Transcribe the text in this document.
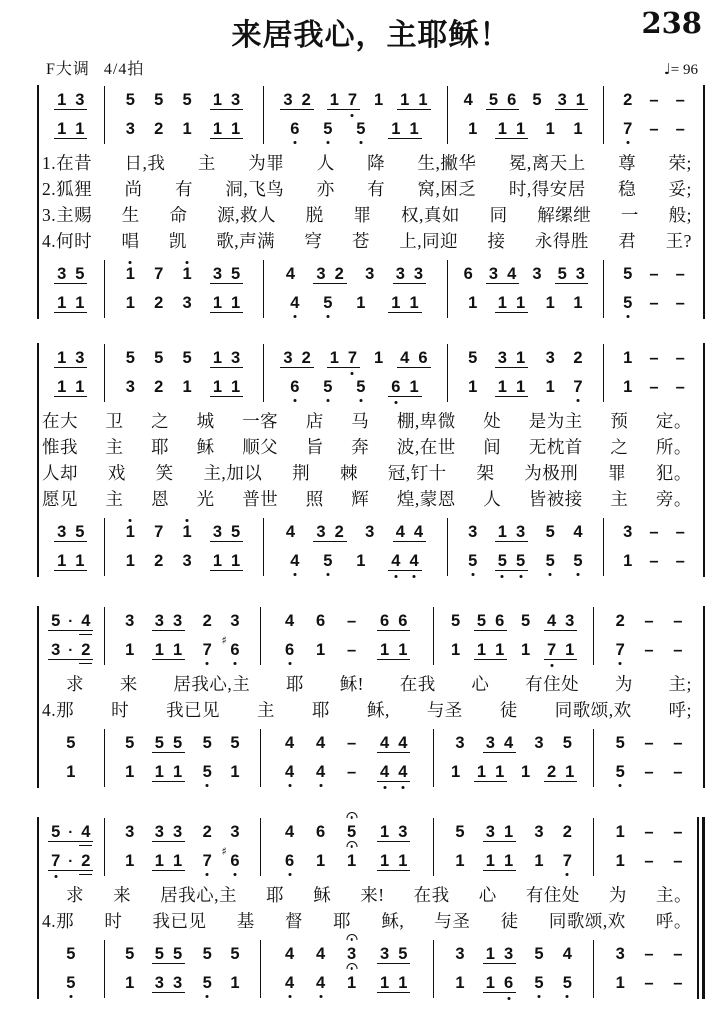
来居我心，主耶稣！	238
F大调 4/4拍	♩= 96
1 3
1 1
5 5 5 1 3
3 2 1 1 1
3 2 1 7 1 1 1
6 5 5 1 1
4 5 6 5 3 1
1 1 1 1 1
2 – –
7 – –
1.在昔 日,我 主 为罪 人 降 生,撇华 冕,离天上 尊 荣;
2.狐狸 尚 有 洞,飞鸟 亦 有 窝,困乏 时,得安居 稳 妥;
3.主赐 生 命 源,救人 脱 罪 权,真如 同 解缧绁 一 般;
4.何时 唱 凯 歌,声满 穹 苍 上,同迎 接 永得胜 君 王?
3 5
1 1
1 7 1 3 5
1 2 3 1 1
4 3 2 3 3 3
4 5 1 1 1
6 3 4 3 5 3
1 1 1 1 1
5 – –
5 – –
1 3
1 1
5 5 5 1 3
3 2 1 1 1
3 2 1 7 1 4 6
6 5 5 6 1
5 3 1 3 2
1 1 1 1 7
1 – –
1 – –
在大 卫 之 城 一客 店 马 棚,卑微 处 是为主 预 定。
惟我 主 耶 稣 顺父 旨 奔 波,在世 间 无枕首 之 所。
人却 戏 笑 主,加以 荆 棘 冠,钉十 架 为极刑 罪 犯。
愿见 主 恩 光 普世 照 辉 煌,蒙恩 人 皆被接 主 旁。
3 5
1 1
1 7 1 3 5
1 2 3 1 1
4 3 2 3 4 4
4 5 1 4 4
3 1 3 5 4
5 5 5 5 5
3 – –
1 – –
5 · 4
3 · 2
3 3 3 2 3
1 1 1 7 6
♯
4 6 – 6 6
6 1 – 1 1
5 5 6 5 4 3
1 1 1 1 7 1
2 – –
7 – –
求 来 居我心,主 耶 稣! 在我 心 有住处 为 主;
4.那 时 我已见 主 耶 稣, 与圣 徒 同歌颂,欢 呼;
5
1
5 5 5 5 5
1 1 1 5 1
4 4 – 4 4
4 4 – 4 4
3 3 4 3 5
1 1 1 1 2 1
5 – –
5 – –
5 · 4
7 · 2
3 3 3 2 3
1 1 1 7 6
♯
4 6 5 1 3
6 1 1 1 1
5 3 1 3 2
1 1 1 1 7
1 – –
1 – –
求 来 居我心,主 耶 稣 来! 在我 心 有住处 为 主。
4.那 时 我已见 基 督 耶 稣, 与圣 徒 同歌颂,欢 呼。
5
5
5 5 5 5 5
1 3 3 5 1
4 4 3 3 5
4 4 1 1 1
3 1 3 5 4
1 1 6 5 5
3 – –
1 – –
